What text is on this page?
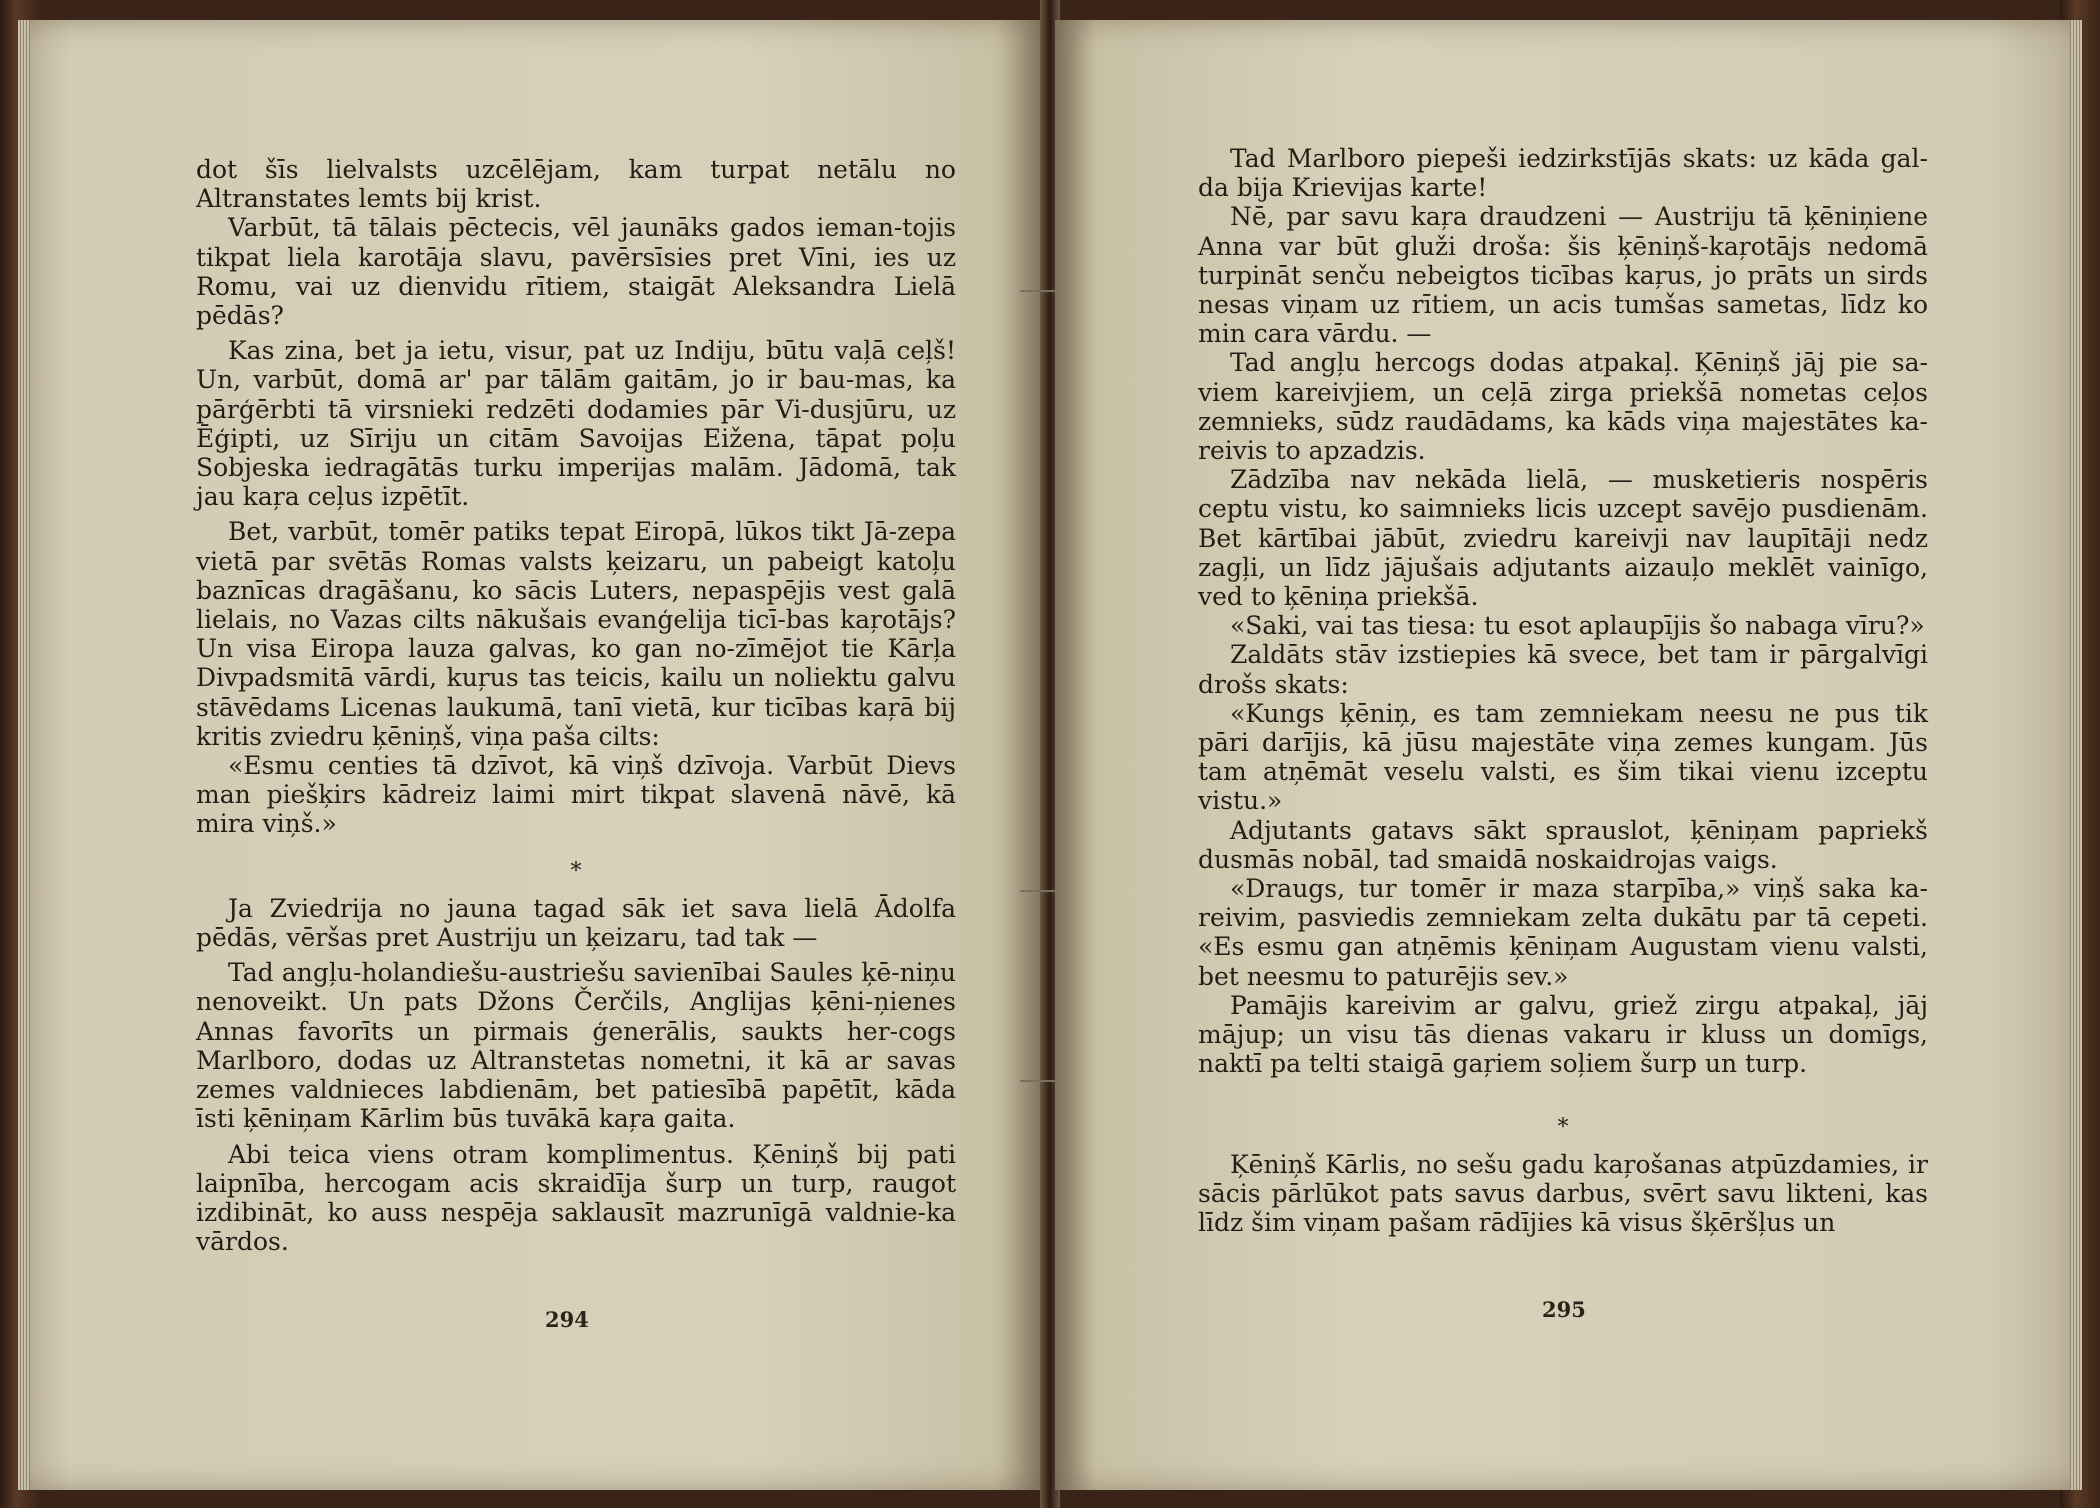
dot šīs lielvalsts uzcēlējam, kam turpat netālu no Altranstates lemts bij krist.

Varbūt, tā tālais pēctecis, vēl jaunāks gados ieman-tojis tikpat liela karotāja slavu, pavērsīsies pret Vīni, ies uz Romu, vai uz dienvidu rītiem, staigāt Aleksandra Lielā pēdās?

Kas zina, bet ja ietu, visur, pat uz Indiju, būtu vaļā ceļš! Un, varbūt, domā ar' par tālām gaitām, jo ir bau-mas, ka pārģērbti tā virsnieki redzēti dodamies pār Vi-dusjūru, uz Ēģipti, uz Sīriju un citām Savoijas Eižena, tāpat poļu Sobjeska iedragātās turku imperijas malām. Jādomā, tak jau kaŗa ceļus izpētīt.

Bet, varbūt, tomēr patiks tepat Eiropā, lūkos tikt Jā-zepa vietā par svētās Romas valsts ķeizaru, un pabeigt katoļu baznīcas dragāšanu, ko sācis Luters, nepaspējis vest galā lielais, no Vazas cilts nākušais evanģelija ticī-bas kaŗotājs? Un visa Eiropa lauza galvas, ko gan no-zīmējot tie Kārļa Divpadsmitā vārdi, kuŗus tas teicis, kailu un noliektu galvu stāvēdams Licenas laukumā, tanī vietā, kur ticības kaŗā bij kritis zviedru ķēniņš, viņa paša cilts:

«Esmu centies tā dzīvot, kā viņš dzīvoja. Varbūt Dievs man piešķirs kādreiz laimi mirt tikpat slavenā nāvē, kā mira viņš.»

*

Ja Zviedrija no jauna tagad sāk iet sava lielā Ādolfa pēdās, vēršas pret Austriju un ķeizaru, tad tak —

Tad angļu-holandiešu-austriešu savienībai Saules ķē-niņu nenoveikt. Un pats Džons Čerčils, Anglijas ķēni-ņienes Annas favorīts un pirmais ģenerālis, saukts her-cogs Marlboro, dodas uz Altranstetas nometni, it kā ar savas zemes valdnieces labdienām, bet patiesībā papētīt, kāda īsti ķēniņam Kārlim būs tuvākā kaŗa gaita.

Abi teica viens otram komplimentus. Ķēniņš bij pati laipnība, hercogam acis skraidīja šurp un turp, raugot izdibināt, ko auss nespēja saklausīt mazrunīgā valdnie-ka vārdos.

294

Tad Marlboro piepeši iedzirkstījās skats: uz kāda gal-da bija Krievijas karte!

Nē, par savu kaŗa draudzeni — Austriju tā ķēniņiene Anna var būt gluži droša: šis ķēniņš-kaŗotājs nedomā turpināt senču nebeigtos ticības kaŗus, jo prāts un sirds nesas viņam uz rītiem, un acis tumšas sametas, līdz ko min cara vārdu. —

Tad angļu hercogs dodas atpakaļ. Ķēniņš jāj pie sa-viem kareivjiem, un ceļā zirga priekšā nometas ceļos zemnieks, sūdz raudādams, ka kāds viņa majestātes ka-reivis to apzadzis.

Zādzība nav nekāda lielā, — musketieris nospēris ceptu vistu, ko saimnieks licis uzcept savējo pusdienām. Bet kārtībai jābūt, zviedru kareivji nav laupītāji nedz zagļi, un līdz jājušais adjutants aizauļo meklēt vainīgo, ved to ķēniņa priekšā.

«Saki, vai tas tiesa: tu esot aplaupījis šo nabaga vīru?»

Zaldāts stāv izstiepies kā svece, bet tam ir pārgalvīgi drošs skats:

«Kungs ķēniņ, es tam zemniekam neesu ne pus tik pāri darījis, kā jūsu majestāte viņa zemes kungam. Jūs tam atņēmāt veselu valsti, es šim tikai vienu izceptu vistu.»

Adjutants gatavs sākt sprauslot, ķēniņam papriekš dusmās nobāl, tad smaidā noskaidrojas vaigs.

«Draugs, tur tomēr ir maza starpība,» viņš saka ka-reivim, pasviedis zemniekam zelta dukātu par tā cepeti. «Es esmu gan atņēmis ķēniņam Augustam vienu valsti, bet neesmu to paturējis sev.»

Pamājis kareivim ar galvu, griež zirgu atpakaļ, jāj mājup; un visu tās dienas vakaru ir kluss un domīgs, naktī pa telti staigā gaŗiem soļiem šurp un turp.

*

Ķēniņš Kārlis, no sešu gadu kaŗošanas atpūzdamies, ir sācis pārlūkot pats savus darbus, svērt savu likteni, kas līdz šim viņam pašam rādījies kā visus šķēršļus un

295
